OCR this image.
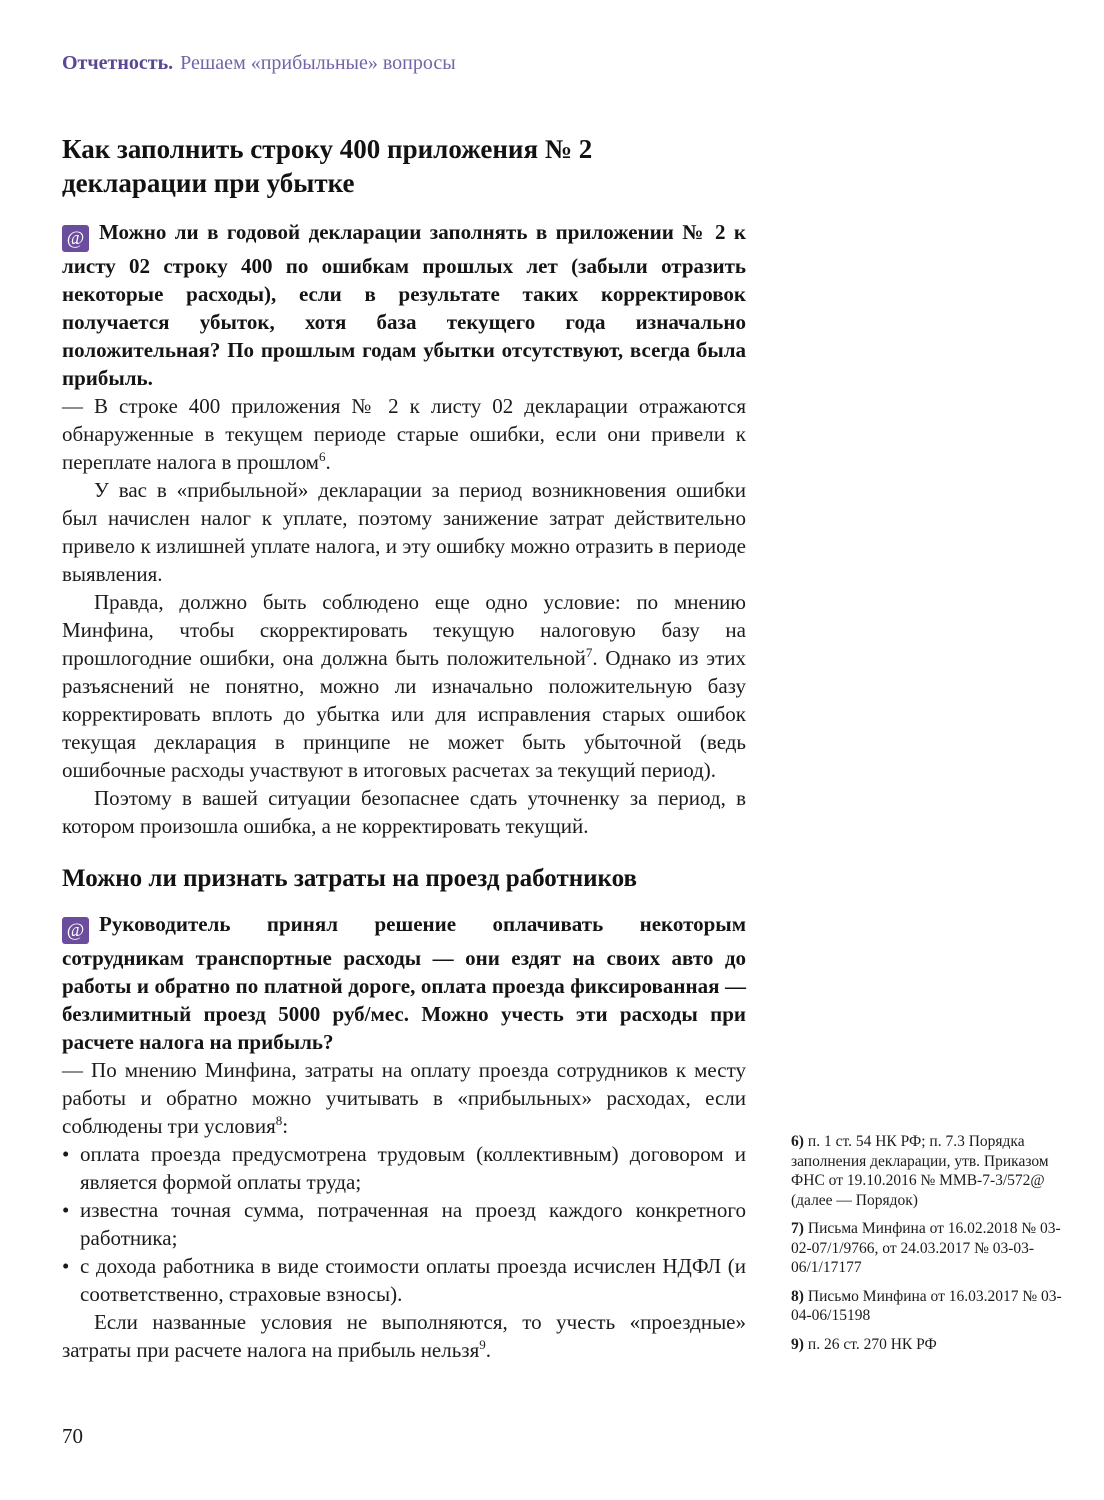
Отчетность. Решаем «прибыльные» вопросы
Как заполнить строку 400 приложения № 2 декларации при убытке

@ Можно ли в годовой декларации заполнять в приложении № 2 к листу 02 строку 400 по ошибкам прошлых лет (забыли отразить некоторые расходы), если в результате таких корректировок получается убыток, хотя база текущего года изначально положительная? По прошлым годам убытки отсутствуют, всегда была прибыль.

— В строке 400 приложения № 2 к листу 02 декларации отражаются обнаруженные в текущем периоде старые ошибки, если они привели к переплате налога в прошлом$^6$.

У вас в «прибыльной» декларации за период возникновения ошибки был начислен налог к уплате, поэтому занижение затрат действительно привело к излишней уплате налога, и эту ошибку можно отразить в периоде выявления.

Правда, должно быть соблюдено еще одно условие: по мнению Минфина, чтобы скорректировать текущую налоговую базу на прошлогодние ошибки, она должна быть положительной$^7$. Однако из этих разъяснений не понятно, можно ли изначально положительную базу корректировать вплоть до убытка или для исправления старых ошибок текущая декларация в принципе не может быть убыточной (ведь ошибочные расходы участвуют в итоговых расчетах за текущий период).

Поэтому в вашей ситуации безопаснее сдать уточненку за период, в котором произошла ошибка, а не корректировать текущий.

Можно ли признать затраты на проезд работников

@ Руководитель принял решение оплачивать некоторым сотрудникам транспортные расходы — они ездят на своих авто до работы и обратно по платной дороге, оплата проезда фиксированная — безлимитный проезд 5000 руб/мес. Можно учесть эти расходы при расчете налога на прибыль?

— По мнению Минфина, затраты на оплату проезда сотрудников к месту работы и обратно можно учитывать в «прибыльных» расходах, если соблюдены три условия$^8$:

• оплата проезда предусмотрена трудовым (коллективным) договором и является формой оплаты труда;
• известна точная сумма, потраченная на проезд каждого конкретного работника;
• с дохода работника в виде стоимости оплаты проезда исчислен НДФЛ (и соответственно, страховые взносы).

Если названные условия не выполняются, то учесть «проездные» затраты при расчете налога на прибыль нельзя$^9$.

6) п. 1 ст. 54 НК РФ; п. 7.3 Порядка заполнения декларации, утв. Приказом ФНС от 19.10.2016 № ММВ-7-3/572@ (далее — Порядок)
7) Письма Минфина от 16.02.2018 № 03-02-07/1/9766, от 24.03.2017 № 03-03-06/1/17177
8) Письмо Минфина от 16.03.2017 № 03-04-06/15198
9) п. 26 ст. 270 НК РФ
70
